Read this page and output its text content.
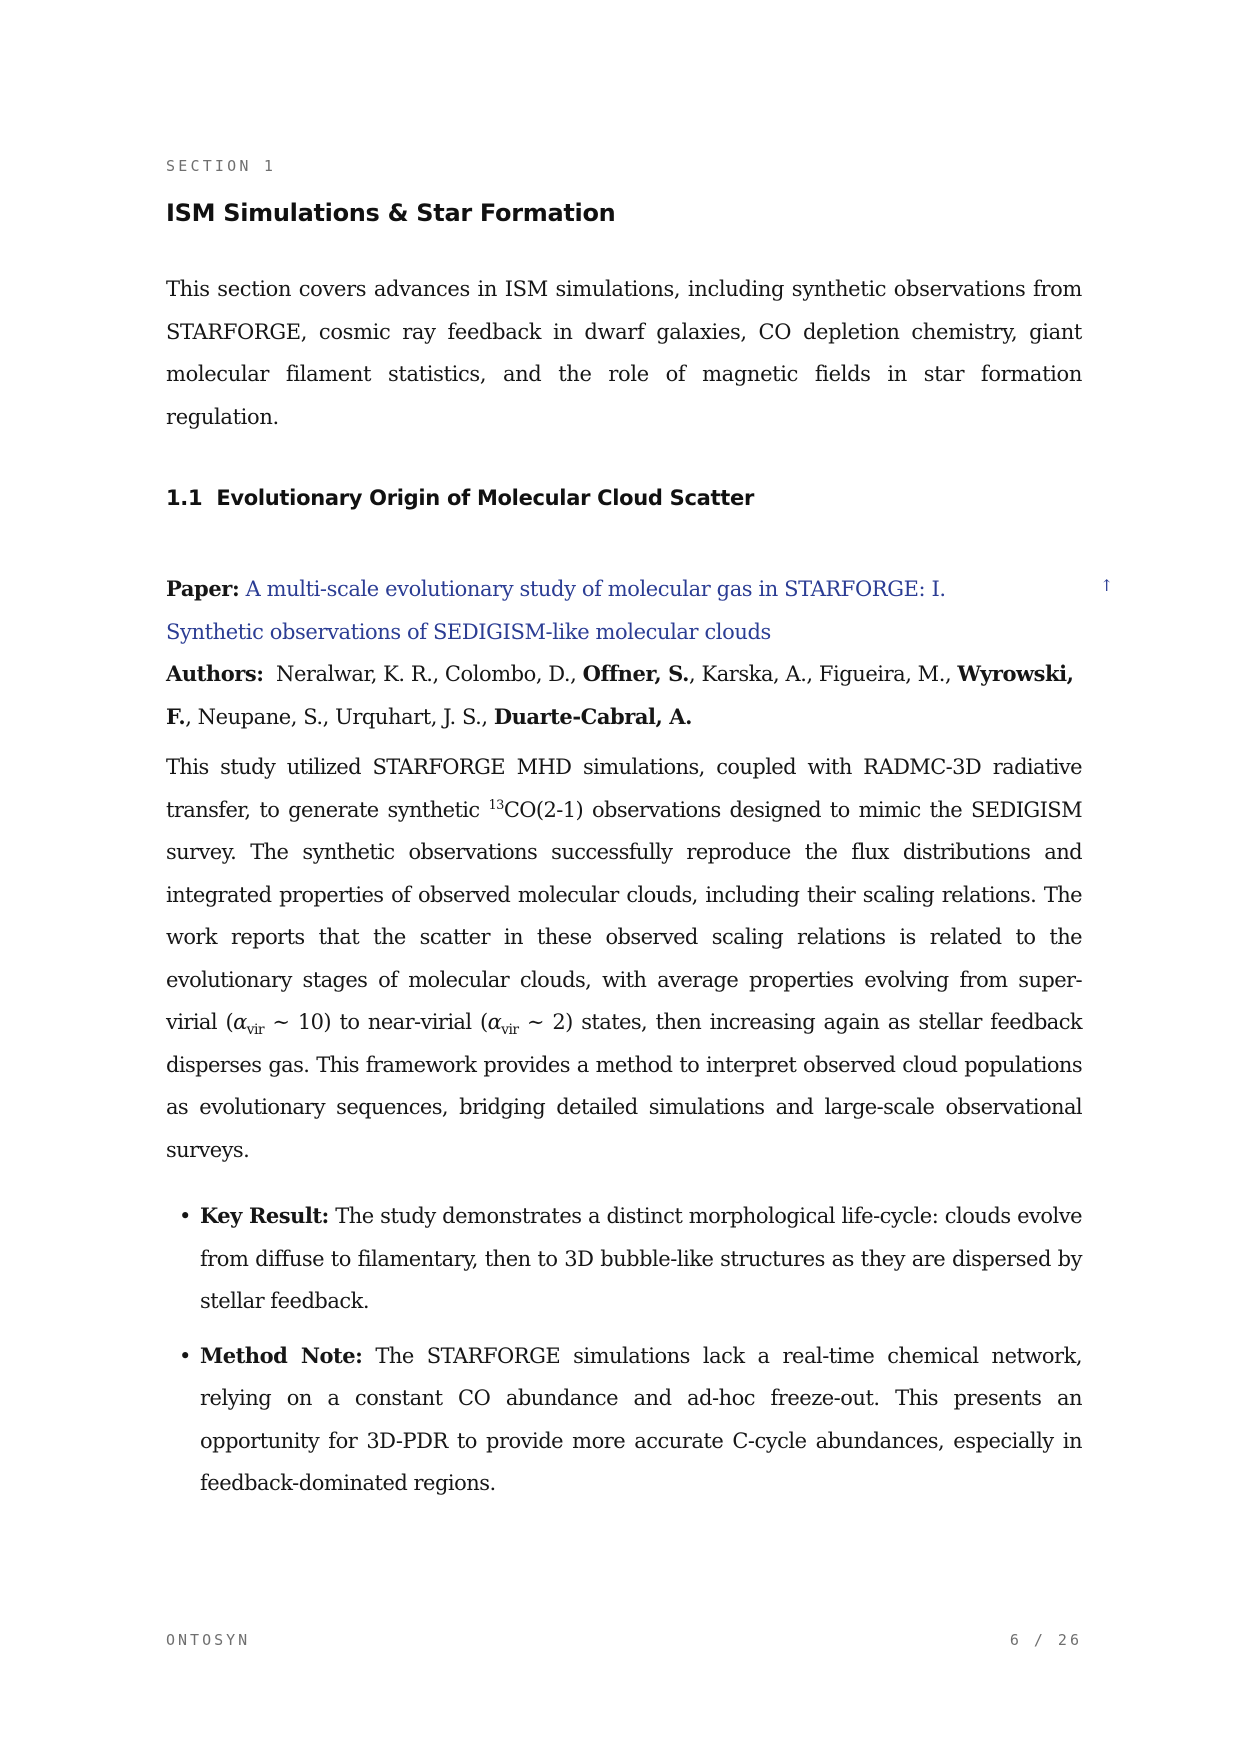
SECTION 1
ISM Simulations & Star Formation

This section covers advances in ISM simulations, including synthetic observations from STARFORGE, cosmic ray feedback in dwarf galaxies, CO depletion chemistry, giant molecular filament statistics, and the role of magnetic fields in star formation regulation.

1.1  Evolutionary Origin of Molecular Cloud Scatter

Paper: A multi-scale evolutionary study of molecular gas in STARFORGE: I. Synthetic observations of SEDIGISM-like molecular clouds

↑

Authors: Neralwar, K. R., Colombo, D., Offner, S., Karska, A., Figueira, M., Wyrowski, F., Neupane, S., Urquhart, J. S., Duarte-Cabral, A.

This study utilized STARFORGE MHD simulations, coupled with RADMC-3D radiative transfer, to generate synthetic $^{13}$CO(2-1) observations designed to mimic the SEDIGISM survey. The synthetic observations successfully reproduce the flux distributions and integrated properties of observed molecular clouds, including their scaling relations. The work reports that the scatter in these observed scaling relations is related to the evolutionary stages of molecular clouds, with average properties evolving from super-virial ($\alpha_{vir}$ ∼ 10) to near-virial ($\alpha_{vir}$ ∼ 2) states, then increasing again as stellar feedback disperses gas. This framework provides a method to interpret observed cloud populations as evolutionary sequences, bridging detailed simulations and large-scale observational surveys.

• Key Result: The study demonstrates a distinct morphological life-cycle: clouds evolve from diffuse to filamentary, then to 3D bubble-like structures as they are dispersed by stellar feedback.
• Method Note: The STARFORGE simulations lack a real-time chemical network, relying on a constant CO abundance and ad-hoc freeze-out. This presents an opportunity for 3D-PDR to provide more accurate C-cycle abundances, especially in feedback-dominated regions.
ONTOSYN	6 / 26
